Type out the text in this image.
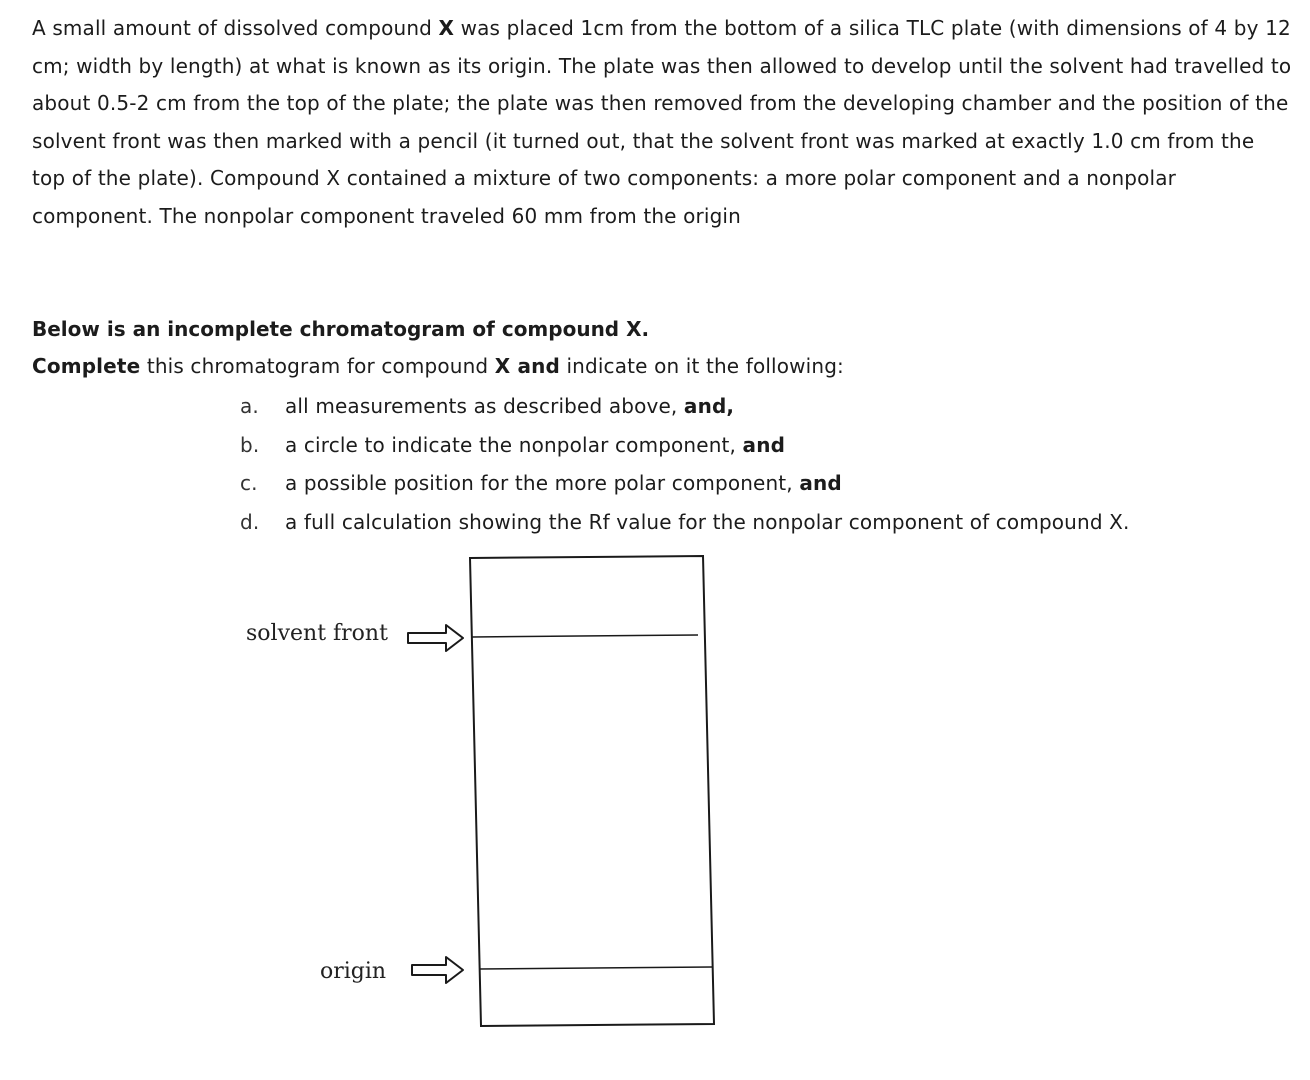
A small amount of dissolved compound X was placed 1cm from the bottom of a silica TLC plate (with dimensions of 4 by 12 cm; width by length) at what is known as its origin. The plate was then allowed to develop until the solvent had travelled to about 0.5-2 cm from the top of the plate; the plate was then removed from the developing chamber and the position of the solvent front was then marked with a pencil (it turned out, that the solvent front was marked at exactly 1.0 cm from the top of the plate). Compound X contained a mixture of two components: a more polar component and a nonpolar component. The nonpolar component traveled 60 mm from the origin

Below is an incomplete chromatogram of compound X.

Complete this chromatogram for compound X and indicate on it the following:

a. all measurements as described above, and,
b. a circle to indicate the nonpolar component, and
c. a possible position for the more polar component, and
d. a full calculation showing the Rf value for the nonpolar component of compound X.
solvent front
origin
